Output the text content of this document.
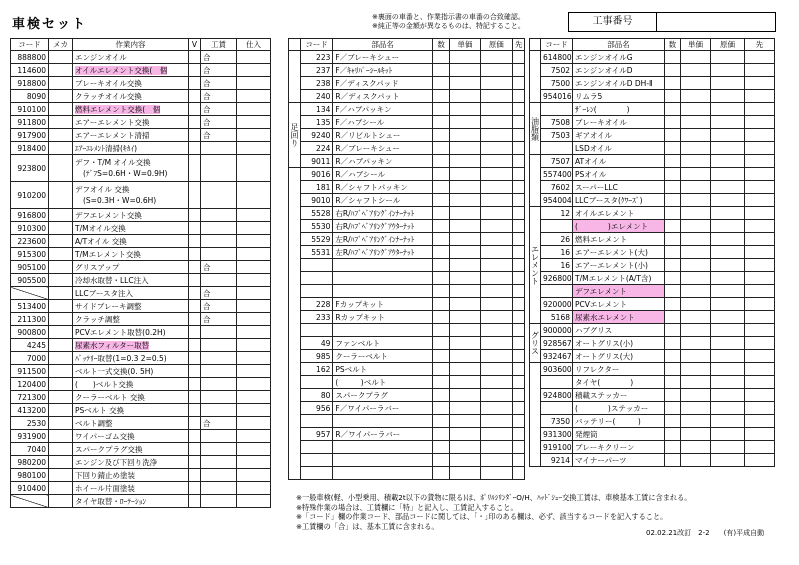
車検セット	※裏面の車番と、作業指示書の車番の合致確認。
※純正等の金額が異なるものは、特記すること。	工事番号
コード	メカ	作業内容	V	工賃	仕入
888800		エンジンオイル		合	
114600		オイルエレメント交換(　個		合	
918800		ブレーキオイル交換		合	
8090		クラッチオイル交換		合	
910100		燃料エレメント交換(　個		合	
911800		エアーエレメント交換		合	
917900		エアーエレメント清掃		合	
918400		ｴｱｰｴﾚﾒﾝﾄ清掃(ｷｶｲ)			
923800		デフ・T/M オイル交換
(ﾃﾞﾌS=0.6H・W=0.9H)			

910200		デフオイル 交換
(S=0.3H・W=0.6H)			

916800		デフエレメント交換			
910300		T/Mオイル交換			
223600		A/Tオイル 交換			
915300		T/Mエレメント交換			
905100		グリスアップ		合	
905500		冷却水取替・LLC注入			
		LLCブースタ注入		合	
513400		サイドブレーキ調整		合	
211300		クラッチ調整		合	
900800		PCVエレメント取替(0.2H)			
4245		尿素水フィルター取替			
7000		ﾊﾞｯﾃﾘｰ取替(1=0.3 2=0.5)			
911500		ベルト一式交換(0. 5H)			
120400		(　　)ベルト交換			
721300		クーラーベルト 交換			
413200		PSベルト 交換			
2530		ベルト調整		合	
931900		ワイパーゴム交換			
7040		スパークプラグ交換			
980200		エンジン及び下回り洗浄			
980100		下回り錆止め塗装			
910400		ホイール片面塗装			
		タイヤ取替・ﾛｰﾃｰｼｮﾝ			
	コード	部品名	数	単価	原価	先
	223	F／ブレーキシュー				
	237	F／ｷｬﾘﾊﾟｰｼｰﾙｷｯﾄ				
	238	F／ディスクパッド				
	240	R／ディスクパット				
足回り	134	F／ハブパッキン				
	135	F／ハブシール				
	9240	R／リビルトシュー				
	224	R／ブレーキシュー				
	9011	R／ハブパッキン				
	9016	R／ハブシール				
	181	R／シャフトパッキン				
	9010	R／シャフトシール				
	5528	右R/ﾊﾌﾞﾍﾞｱﾘﾝｸﾞｲﾝﾅｰﾅｯﾄ				
	5530	右R/ﾊﾌﾞﾍﾞｱﾘﾝｸﾞｱｳﾀｰﾅｯﾄ				
	5529	左R/ﾊﾌﾞﾍﾞｱﾘﾝｸﾞｲﾝﾅｰﾅｯﾄ				
	5531	左R/ﾊﾌﾞﾍﾞｱﾘﾝｸﾞｱｳﾀｰﾅｯﾄ				

	228	Fカップキット				
	233	Rカップキット				

	49	ファンベルト				
	985	クーラーベルト				
	162	PSベルト				
		(　　　)ベルト				
	80	スパークプラグ				
	956	F／ワイパーラバー				

	957	R／ワイパーラバー				

	コード	部品名	数	単価	原価	先
	614800	エンジンオイルG				
	7502	エンジンオイルD				
	7500	エンジンオイルD DH-Ⅱ				
	954016	リムラ5				
油脂類		ｻﾞｰﾚﾝ(　　　　)				
	7508	ブレーキオイル				
	7503	ギアオイル				
		LSDオイル				
	7507	ATオイル				
	557400	PSオイル				
	7602	スーパーLLC				
	954004	LLCブースタ(ｸﾜｰｽﾞ)				
エレメント	12	オイルエレメント				
		(　　　　)エレメント				
	26	燃料エレメント				
	16	エアーエレメント(大)				
	16	エアーエレメント(小)				
	926800	T/Mエレメント(A/T含)				
		デフエレメント				
	920000	PCVエレメント				
	5168	尿素水エレメント				
グリス	900000	ハブグリス				
	928567	オートグリス(小)				
	932467	オートグリス(大)				
	903600	リフレクター				
		タイヤ(　　　　)				
	924800	積載ステッカー				
		(　　　　)ステッカー				
	7350	バッテリー(　　　)				
	931300	発煙筒				
	919100	ブレーキクリーン				
	9214	マイナーパーツ				
※一般車検(軽、小型乗用、積載2t以下の貨物に限る)は、ﾎﾟﾘﾙｼﾘﾝﾀﾞｰO/H、ﾊｯﾄﾞｼｭｰ交換工賃は、車検基本工賃に含まれる。
※特殊作業の場合は、工賃欄に「特」と記入し、工賃記入すること。
※「コード」欄の作業コード、部品コードに関しては、｢・｣印のある欄は、必ず、該当するコードを記入すること。
※工賃欄の「合」は、基本工賃に含まれる。
02.02.21改訂　2-2　　(有)平成自動
